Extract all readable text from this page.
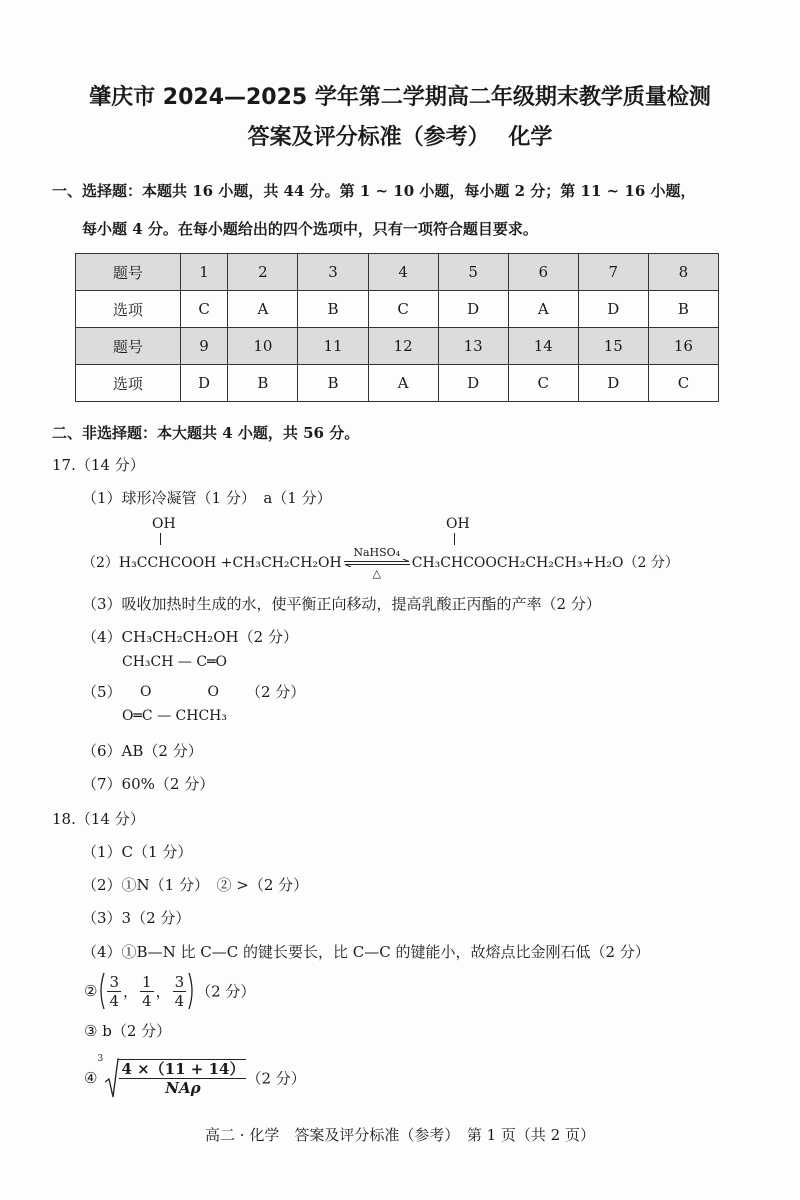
肇庆市 2024—2025 学年第二学期高二年级期末教学质量检测
答案及评分标准（参考）　 化学
一、选择题：本题共 16 小题，共 44 分。第 1 ~ 10 小题，每小题 2 分；第 11 ~ 16 小题，
每小题 4 分。在每小题给出的四个选项中，只有一项符合题目要求。
题号	1	2	3	4	5	6	7	8
选项	C	A	B	C	D	A	D	B
题号	9	10	11	12	13	14	15	16
选项	D	B	B	A	D	C	D	C
二、非选择题：本大题共 4 小题，共 56 分。
17.（14 分）
（1）球形冷凝管（1 分）　a（1 分）
OH	OH
（2）H₃CCHCOOH +CH₃CH₂CH₂OH
NaHSO₄
△
CH₃CHCOOCH₂CH₂CH₃+H₂O（2 分）
（3）吸收加热时生成的水，使平衡正向移动，提高乳酸正丙酯的产率（2 分）
（4）CH₃CH₂CH₂OH（2 分）
CH₃CH — C═O
（5） O　　　　O （2 分）
O═C — CHCH₃
（6）AB（2 分）
（7）60%（2 分）
18.（14 分）
（1）C（1 分）
（2）①N（1 分）　② >（2 分）
（3）3（2 分）
（4）①B—N 比 C—C 的键长要长，比 C—C 的键能小，故熔点比金刚石低（2 分）
② $\frac{3}{4}$ ， $\frac{1}{4}$ ， $\frac{3}{4} (2$ 分）
③ b（2 分）
④
3
$\frac{4 \times(11 + 14)}{\text{NAρ}} (2$ 分）
高二 · 化学　答案及评分标准（参考）　第 1 页（共 2 页）
